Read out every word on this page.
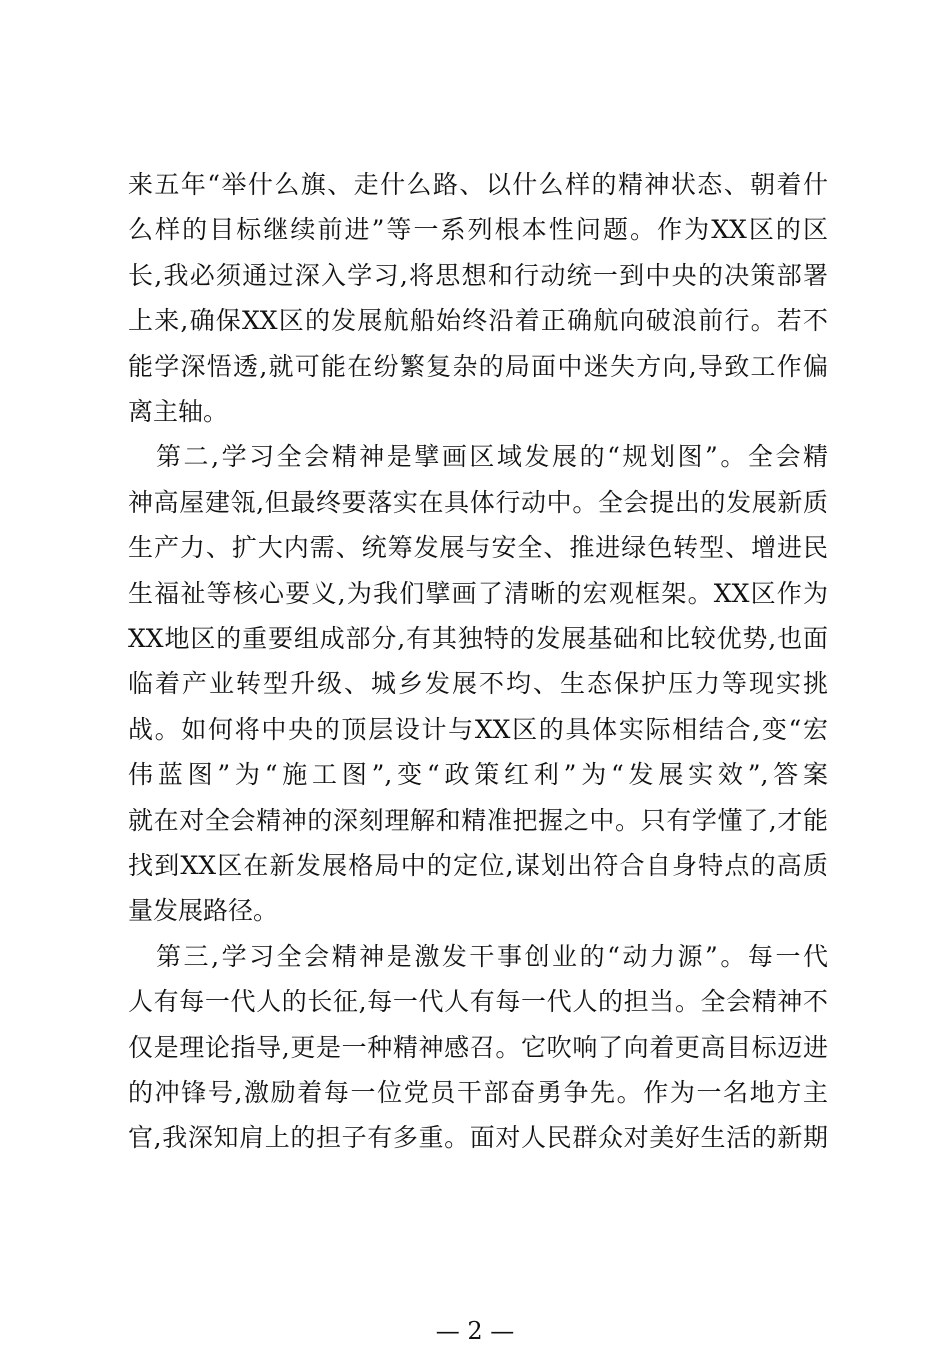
来五年“举什么旗、走什么路、以什么样的精神状态、朝着什
么样的目标继续前进”等一系列根本性问题。作为XX区的区
长,我必须通过深入学习,将思想和行动统一到中央的决策部署
上来,确保XX区的发展航船始终沿着正确航向破浪前行。若不
能学深悟透,就可能在纷繁复杂的局面中迷失方向,导致工作偏
离主轴。
第二,学习全会精神是擘画区域发展的“规划图”。全会精
神高屋建瓴,但最终要落实在具体行动中。全会提出的发展新质
生产力、扩大内需、统筹发展与安全、推进绿色转型、增进民
生福祉等核心要义,为我们擘画了清晰的宏观框架。XX区作为
XX地区的重要组成部分,有其独特的发展基础和比较优势,也面
临着产业转型升级、城乡发展不均、生态保护压力等现实挑
战。如何将中央的顶层设计与XX区的具体实际相结合,变“宏
伟蓝图”为“施工图”,变“政策红利”为“发展实效”,答案
就在对全会精神的深刻理解和精准把握之中。只有学懂了,才能
找到XX区在新发展格局中的定位,谋划出符合自身特点的高质
量发展路径。
第三,学习全会精神是激发干事创业的“动力源”。每一代
人有每一代人的长征,每一代人有每一代人的担当。全会精神不
仅是理论指导,更是一种精神感召。它吹响了向着更高目标迈进
的冲锋号,激励着每一位党员干部奋勇争先。作为一名地方主
官,我深知肩上的担子有多重。面对人民群众对美好生活的新期
— 2 —
